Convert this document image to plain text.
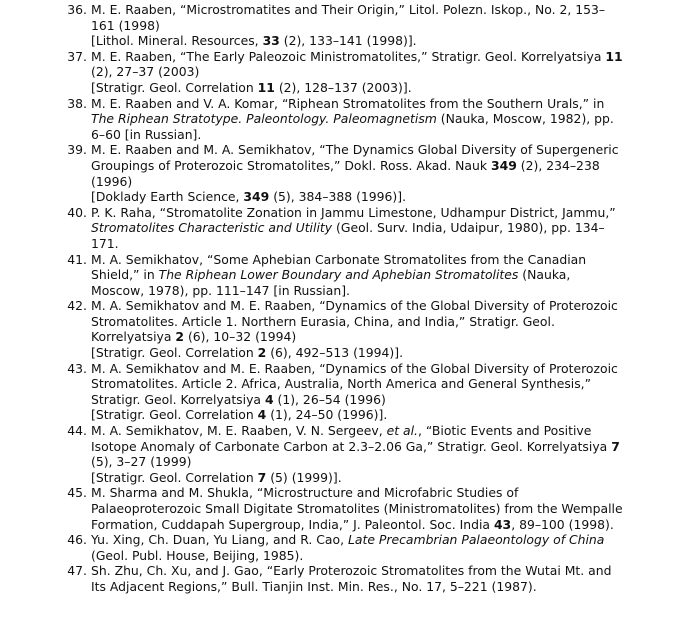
36. M. E. Raaben, “Microstromatites and Their Origin,” Litol. Polezn. Iskop., No. 2, 153–161 (1998)
[Lithol. Mineral. Resources, 33 (2), 133–141 (1998)].
37. M. E. Raaben, “The Early Paleozoic Ministromatolites,” Stratigr. Geol. Korrelyatsiya 11 (2), 27–37 (2003)
[Stratigr. Geol. Correlation 11 (2), 128–137 (2003)].
38. M. E. Raaben and V. A. Komar, “Riphean Stromatolites from the Southern Urals,” in The Riphean Stratotype. Paleontology. Paleomagnetism (Nauka, Moscow, 1982), pp. 6–60 [in Russian].
39. M. E. Raaben and M. A. Semikhatov, “The Dynamics Global Diversity of Supergeneric Groupings of Proterozoic Stromatolites,” Dokl. Ross. Akad. Nauk 349 (2), 234–238 (1996)
[Doklady Earth Science, 349 (5), 384–388 (1996)].
40. P. K. Raha, “Stromatolite Zonation in Jammu Limestone, Udhampur District, Jammu,” Stromatolites Characteristic and Utility (Geol. Surv. India, Udaipur, 1980), pp. 134–171.
41. M. A. Semikhatov, “Some Aphebian Carbonate Stromatolites from the Canadian Shield,” in The Riphean Lower Boundary and Aphebian Stromatolites (Nauka, Moscow, 1978), pp. 111–147 [in Russian].
42. M. A. Semikhatov and M. E. Raaben, “Dynamics of the Global Diversity of Proterozoic Stromatolites. Article 1. Northern Eurasia, China, and India,” Stratigr. Geol. Korrelyatsiya 2 (6), 10–32 (1994)
[Stratigr. Geol. Correlation 2 (6), 492–513 (1994)].
43. M. A. Semikhatov and M. E. Raaben, “Dynamics of the Global Diversity of Proterozoic Stromatolites. Article 2. Africa, Australia, North America and General Synthesis,” Stratigr. Geol. Korrelyatsiya 4 (1), 26–54 (1996)
[Stratigr. Geol. Correlation 4 (1), 24–50 (1996)].
44. M. A. Semikhatov, M. E. Raaben, V. N. Sergeev, et al., “Biotic Events and Positive Isotope Anomaly of Carbonate Carbon at 2.3–2.06 Ga,” Stratigr. Geol. Korrelyatsiya 7 (5), 3–27 (1999)
[Stratigr. Geol. Correlation 7 (5) (1999)].
45. M. Sharma and M. Shukla, “Microstructure and Microfabric Studies of Palaeoproterozoic Small Digitate Stromatolites (Ministromatolites) from the Wempalle Formation, Cuddapah Supergroup, India,” J. Paleontol. Soc. India 43, 89–100 (1998).
46. Yu. Xing, Ch. Duan, Yu Liang, and R. Cao, Late Precambrian Palaeontology of China (Geol. Publ. House, Beijing, 1985).
47. Sh. Zhu, Ch. Xu, and J. Gao, “Early Proterozoic Stromatolites from the Wutai Mt. and Its Adjacent Regions,” Bull. Tianjin Inst. Min. Res., No. 17, 5–221 (1987).
